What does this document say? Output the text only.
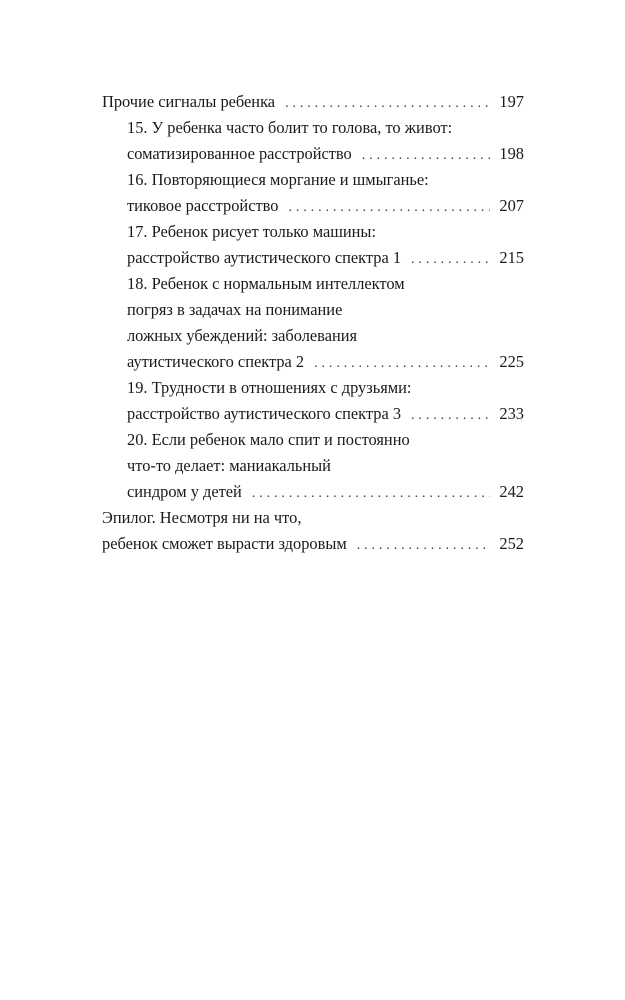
Прочие сигналы ребенка . . .	197
15. У ребенка часто болит то голова, то живот:
соматизированное расстройство . . .	198
16. Повторяющиеся моргание и шмыганье:
тиковое расстройство . . .	207
17. Ребенок рисует только машины:
расстройство аутистического спектра 1 . . .	215
18. Ребенок с нормальным интеллектом
погряз в задачах на понимание
ложных убеждений: заболевания
аутистического спектра 2 . . .	225
19. Трудности в отношениях с друзьями:
расстройство аутистического спектра 3 . . .	233
20. Если ребенок мало спит и постоянно
что-то делает: маниакальный
синдром у детей . . .	242
Эпилог. Несмотря ни на что,
ребенок сможет вырасти здоровым . . .	252
